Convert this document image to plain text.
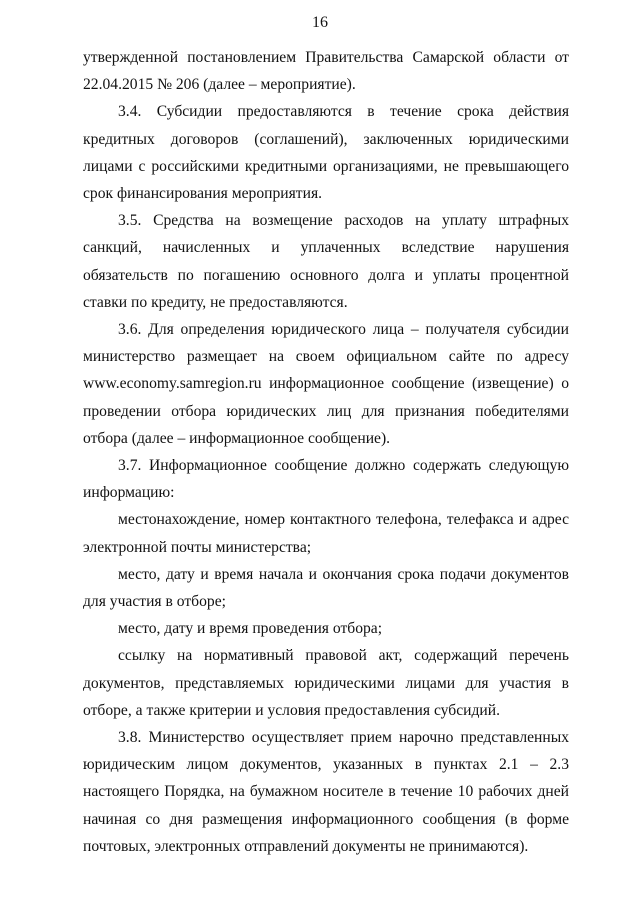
16

утвержденной постановлением Правительства Самарской области от 22.04.2015 № 206 (далее – мероприятие).

3.4. Субсидии предоставляются в течение срока действия кредитных договоров (соглашений), заключенных юридическими лицами с российскими кредитными организациями, не превышающего срок финансирования мероприятия.

3.5. Средства на возмещение расходов на уплату штрафных санкций, начисленных и уплаченных вследствие нарушения обязательств по погашению основного долга и уплаты процентной ставки по кредиту, не предоставляются.

3.6. Для определения юридического лица – получателя субсидии министерство размещает на своем официальном сайте по адресу www.economy.samregion.ru информационное сообщение (извещение) о проведении отбора юридических лиц для признания победителями отбора (далее – информационное сообщение).

3.7. Информационное сообщение должно содержать следующую информацию:

местонахождение, номер контактного телефона, телефакса и адрес электронной почты министерства;

место, дату и время начала и окончания срока подачи документов для участия в отборе;

место, дату и время проведения отбора;

ссылку на нормативный правовой акт, содержащий перечень документов, представляемых юридическими лицами для участия в отборе, а также критерии и условия предоставления субсидий.

3.8. Министерство осуществляет прием нарочно представленных юридическим лицом документов, указанных в пунктах 2.1 – 2.3 настоящего Порядка, на бумажном носителе в течение 10 рабочих дней начиная со дня размещения информационного сообщения (в форме почтовых, электронных отправлений документы не принимаются).
